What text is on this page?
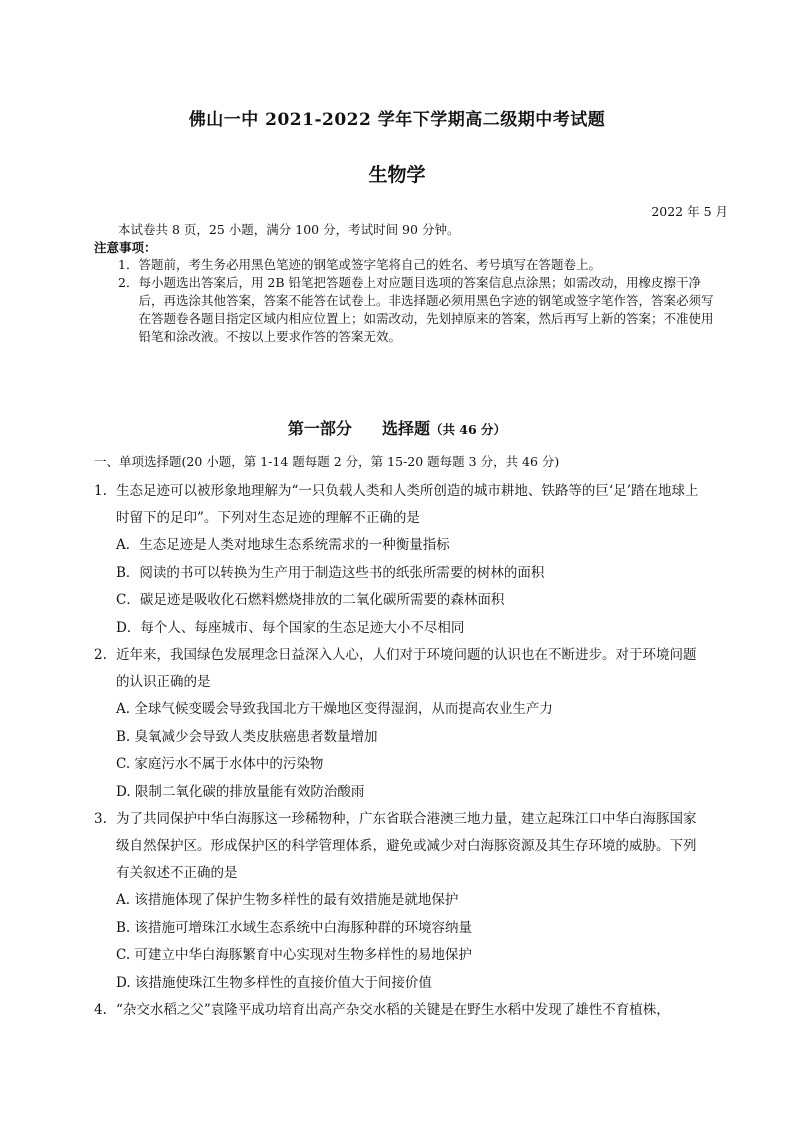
佛山一中 2021-2022 学年下学期高二级期中考试题
生物学
2022 年 5 月
本试卷共 8 页，25 小题，满分 100 分，考试时间 90 分钟。
注意事项：
1． 答题前，考生务必用黑色笔迹的钢笔或签字笔将自己的姓名、考号填写在答题卷上。
2． 每小题选出答案后，用 2B 铅笔把答题卷上对应题目选项的答案信息点涂黑；如需改动，用橡皮擦干净后，再选涂其他答案，答案不能答在试卷上。非选择题必须用黑色字迹的钢笔或签字笔作答，答案必须写在答题卷各题目指定区域内相应位置上；如需改动，先划掉原来的答案，然后再写上新的答案；不准使用铅笔和涂改液。不按以上要求作答的答案无效。
第一部分 选择题（共 46 分）
一、单项选择题(20 小题，第 1-14 题每题 2 分，第 15-20 题每题 3 分，共 46 分)
1. 生态足迹可以被形象地理解为“一只负载人类和人类所创造的城市耕地、铁路等的巨‘足’踏在地球上时留下的足印”。下列对生态足迹的理解不正确的是
A．生态足迹是人类对地球生态系统需求的一种衡量指标
B．阅读的书可以转换为生产用于制造这些书的纸张所需要的树林的面积
C．碳足迹是吸收化石燃料燃烧排放的二氧化碳所需要的森林面积
D．每个人、每座城市、每个国家的生态足迹大小不尽相同
2. 近年来，我国绿色发展理念日益深入人心，人们对于环境问题的认识也在不断进步。对于环境问题的认识正确的是
A. 全球气候变暖会导致我国北方干燥地区变得湿润，从而提高农业生产力
B. 臭氧减少会导致人类皮肤癌患者数量增加
C. 家庭污水不属于水体中的污染物
D. 限制二氧化碳的排放量能有效防治酸雨
3. 为了共同保护中华白海豚这一珍稀物种，广东省联合港澳三地力量，建立起珠江口中华白海豚国家级自然保护区。形成保护区的科学管理体系，避免或减少对白海豚资源及其生存环境的威胁。下列有关叙述不正确的是
A. 该措施体现了保护生物多样性的最有效措施是就地保护
B. 该措施可增珠江水域生态系统中白海豚种群的环境容纳量
C. 可建立中华白海豚繁育中心实现对生物多样性的易地保护
D. 该措施使珠江生物多样性的直接价值大于间接价值
4. “杂交水稻之父”袁隆平成功培育出高产杂交水稻的关键是在野生水稻中发现了雄性不育植株，
